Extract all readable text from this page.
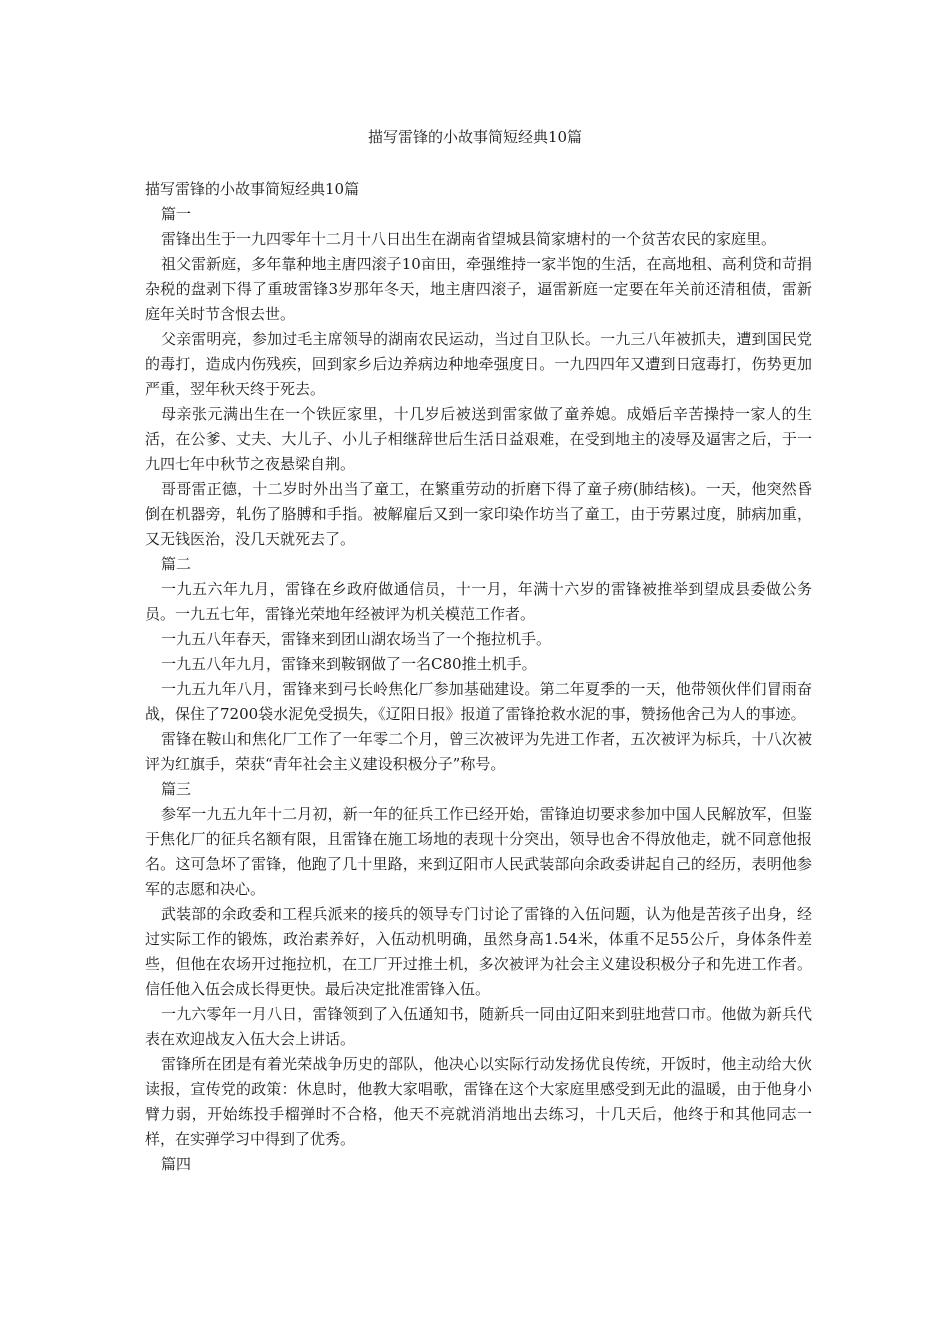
描写雷锋的小故事简短经典10篇

描写雷锋的小故事简短经典10篇

篇一

雷锋出生于一九四零年十二月十八日出生在湖南省望城县简家塘村的一个贫苦农民的家庭里。

祖父雷新庭，多年靠种地主唐四滚子10亩田，牵强维持一家半饱的生活，在高地租、高利贷和苛捐杂税的盘剥下得了重玻雷锋3岁那年冬天，地主唐四滚子，逼雷新庭一定要在年关前还清租债，雷新庭年关时节含恨去世。

父亲雷明亮，参加过毛主席领导的湖南农民运动，当过自卫队长。一九三八年被抓夫，遭到国民党的毒打，造成内伤残疾，回到家乡后边养病边种地牵强度日。一九四四年又遭到日寇毒打，伤势更加严重，翌年秋天终于死去。

母亲张元满出生在一个铁匠家里，十几岁后被送到雷家做了童养媳。成婚后辛苦操持一家人的生活，在公爹、丈夫、大儿子、小儿子相继辞世后生活日益艰难，在受到地主的凌辱及逼害之后，于一九四七年中秋节之夜悬梁自荆。

哥哥雷正德，十二岁时外出当了童工，在繁重劳动的折磨下得了童子痨(肺结核)。一天，他突然昏倒在机器旁，轧伤了胳膊和手指。被解雇后又到一家印染作坊当了童工，由于劳累过度，肺病加重，又无钱医治，没几天就死去了。

篇二

一九五六年九月，雷锋在乡政府做通信员，十一月，年满十六岁的雷锋被推举到望成县委做公务员。一九五七年，雷锋光荣地年经被评为机关模范工作者。

一九五八年春天，雷锋来到团山湖农场当了一个拖拉机手。

一九五八年九月，雷锋来到鞍钢做了一名C80推土机手。

一九五九年八月，雷锋来到弓长岭焦化厂参加基础建设。第二年夏季的一天，他带领伙伴们冒雨奋战，保住了7200袋水泥免受损失，《辽阳日报》报道了雷锋抢救水泥的事，赞扬他舍己为人的事迹。

雷锋在鞍山和焦化厂工作了一年零二个月，曾三次被评为先进工作者，五次被评为标兵，十八次被评为红旗手，荣获“青年社会主义建设积极分子”称号。

篇三

参军一九五九年十二月初，新一年的征兵工作已经开始，雷锋迫切要求参加中国人民解放军，但鉴于焦化厂的征兵名额有限，且雷锋在施工场地的表现十分突出，领导也舍不得放他走，就不同意他报名。这可急坏了雷锋，他跑了几十里路，来到辽阳市人民武装部向余政委讲起自己的经历，表明他参军的志愿和决心。

武装部的余政委和工程兵派来的接兵的领导专门讨论了雷锋的入伍问题，认为他是苦孩子出身，经过实际工作的锻炼，政治素养好，入伍动机明确，虽然身高1.54米，体重不足55公斤，身体条件差些，但他在农场开过拖拉机，在工厂开过推土机，多次被评为社会主义建设积极分子和先进工作者。信任他入伍会成长得更快。最后决定批准雷锋入伍。

一九六零年一月八日，雷锋领到了入伍通知书，随新兵一同由辽阳来到驻地营口市。他做为新兵代表在欢迎战友入伍大会上讲话。

雷锋所在团是有着光荣战争历史的部队，他决心以实际行动发扬优良传统，开饭时，他主动给大伙读报，宣传党的政策：休息时，他教大家唱歌，雷锋在这个大家庭里感受到无此的温暖，由于他身小臂力弱，开始练投手榴弹时不合格，他天不亮就消消地出去练习，十几天后，他终于和其他同志一样，在实弹学习中得到了优秀。

篇四
